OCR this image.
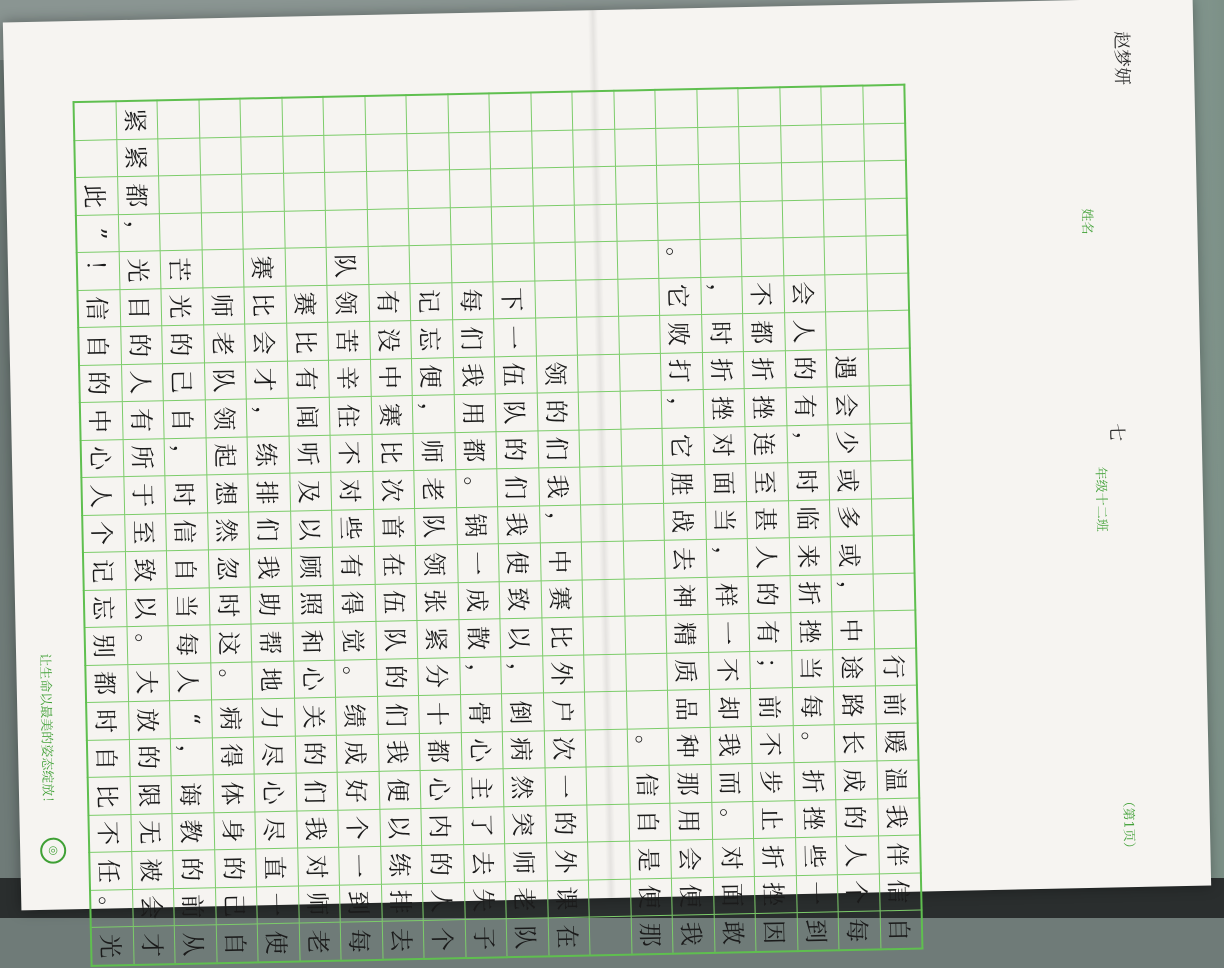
	紧																		
	紧																		
此	都																		
”	，																		
！	光	芒		赛		队								。					
信	目	光	师	比	赛	领	有	记	每	下				它	，	不	会		
自	的	的	老	会	比	苦	没	忘	们	一				败	时	都	人		
的	人	己	队	才	有	辛	中	便	我	伍	领			打	折	折	的	遇	
中	有	自	领	，	闻	住	赛	，	用	队	的			，	挫	挫	有	会	
心	所	，	起	练	听	不	比	师	都	的	们			它	对	连	，	少	
人	于	时	想	排	及	对	次	老	。	们	我			胜	面	至	时	或	
个	至	信	然	们	以	些	首	队	锅	我	，			战	当	甚	临	多	
记	致	自	忽	我	顾	有	在	领	一	使	中			去	，	人	来	或	
忘	以	当	时	助	照	得	伍	张	成	致	赛			神	样	的	折	，	
别	。	每	这	帮	和	觉	队	紧	散	以	比			精	一	有	挫	中	
都	大	人	。	地	心	。	的	分	，	，	外			质	不	；	当	途	行
时	放	“	病	力	关	绩	们	十	骨	倒	户			品	却	前	每	路	前
自	的	，	得	尽	的	成	我	都	心	病	次		。	种	我	不	。	长	暖
比	限	诲	体	心	们	好	便	心	主	然	一		信	那	而	步	折	成	温
不	无	教	身	尽	我	个	以	内	了	突	的		自	用	。	止	挫	的	我
任	被	的	的	直	对	一	练	的	去	师	外		是	会	对	折	些	人	伴
。	会	前	己	一	师	到	排	人	失	老	课		便	便	面	挫	一	个	信
光	才	从	自	使	老	每	去	个	子	队	在		那	我	敢	因	到	每	自
赵梦妍
姓名
七
年级十二班
（第1页）
让生命以最美的姿态绽放！
◎
